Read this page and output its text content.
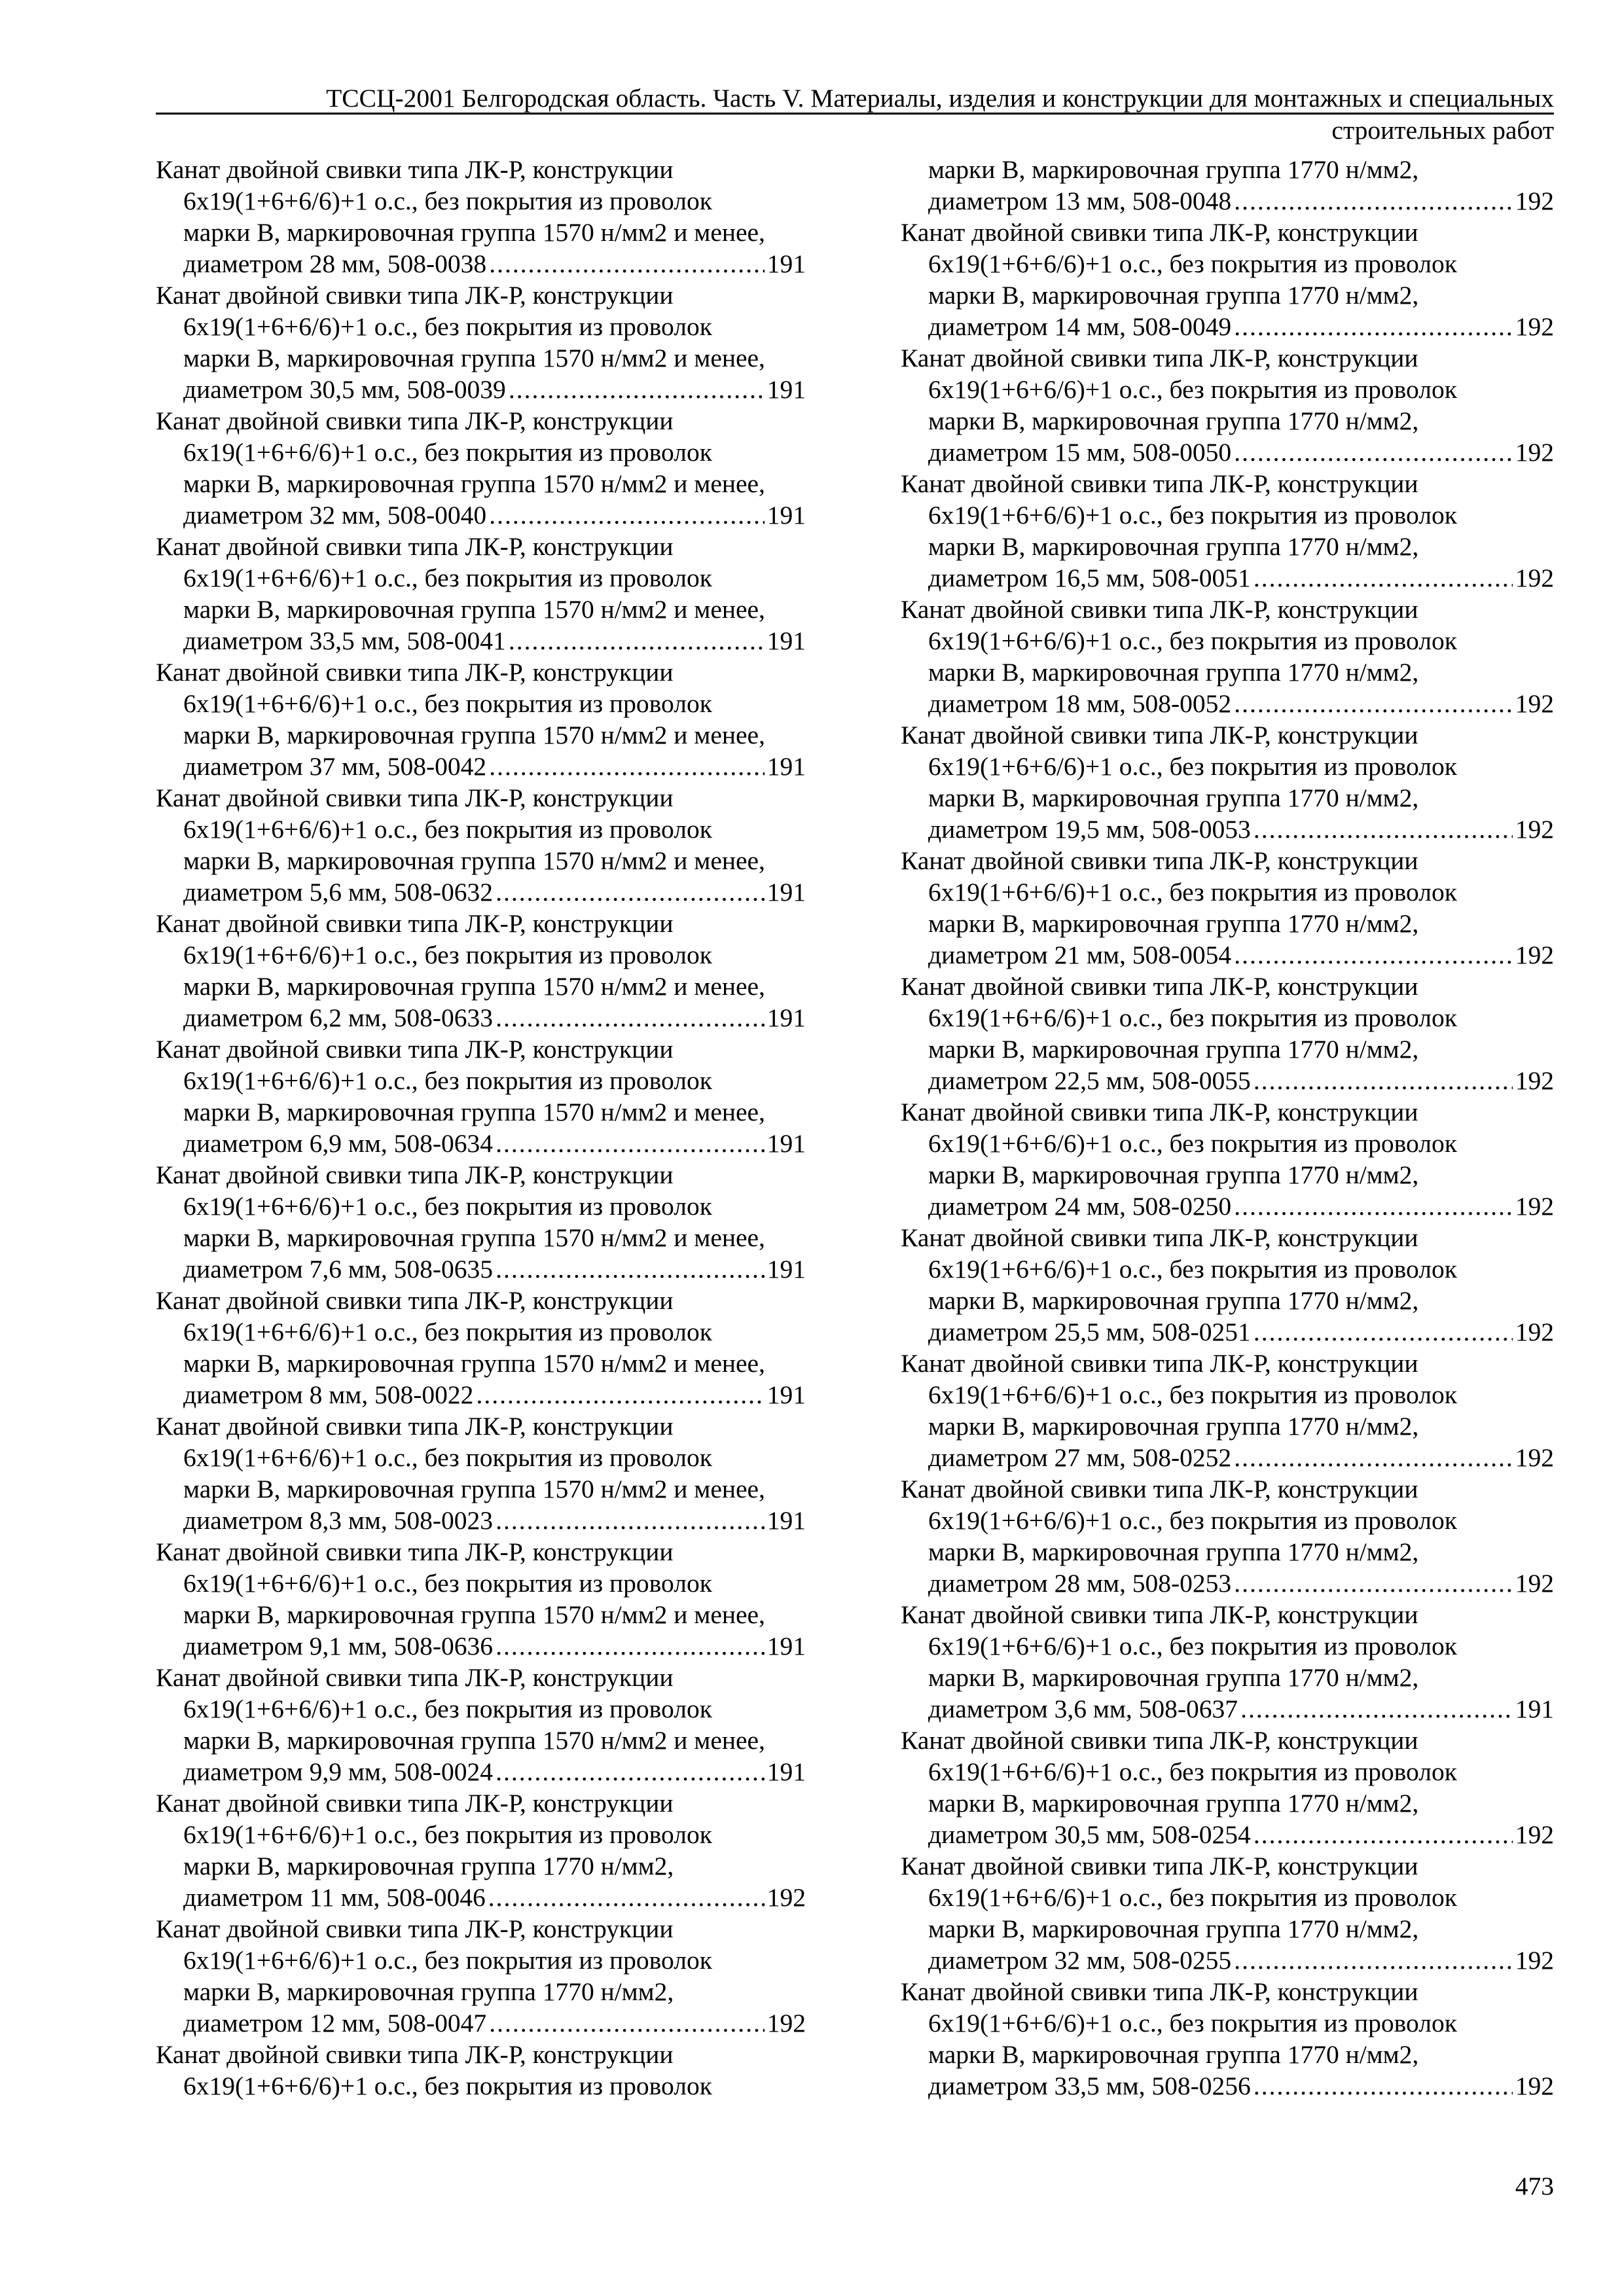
ТССЦ-2001 Белгородская область. Часть V. Материалы, изделия и конструкции для монтажных и специальных
строительных работ
Канат двойной свивки типа ЛК-Р, конструкции
6х19(1+6+6/6)+1 о.с., без покрытия из проволок
марки В, маркировочная группа 1570 н/мм2 и менее,
диаметром 28 мм, 508-0038 .....	191
Канат двойной свивки типа ЛК-Р, конструкции
6х19(1+6+6/6)+1 о.с., без покрытия из проволок
марки В, маркировочная группа 1570 н/мм2 и менее,
диаметром 30,5 мм, 508-0039 .....	191
Канат двойной свивки типа ЛК-Р, конструкции
6х19(1+6+6/6)+1 о.с., без покрытия из проволок
марки В, маркировочная группа 1570 н/мм2 и менее,
диаметром 32 мм, 508-0040 .....	191
Канат двойной свивки типа ЛК-Р, конструкции
6х19(1+6+6/6)+1 о.с., без покрытия из проволок
марки В, маркировочная группа 1570 н/мм2 и менее,
диаметром 33,5 мм, 508-0041 .....	191
Канат двойной свивки типа ЛК-Р, конструкции
6х19(1+6+6/6)+1 о.с., без покрытия из проволок
марки В, маркировочная группа 1570 н/мм2 и менее,
диаметром 37 мм, 508-0042 .....	191
Канат двойной свивки типа ЛК-Р, конструкции
6х19(1+6+6/6)+1 о.с., без покрытия из проволок
марки В, маркировочная группа 1570 н/мм2 и менее,
диаметром 5,6 мм, 508-0632 .....	191
Канат двойной свивки типа ЛК-Р, конструкции
6х19(1+6+6/6)+1 о.с., без покрытия из проволок
марки В, маркировочная группа 1570 н/мм2 и менее,
диаметром 6,2 мм, 508-0633 .....	191
Канат двойной свивки типа ЛК-Р, конструкции
6х19(1+6+6/6)+1 о.с., без покрытия из проволок
марки В, маркировочная группа 1570 н/мм2 и менее,
диаметром 6,9 мм, 508-0634 .....	191
Канат двойной свивки типа ЛК-Р, конструкции
6х19(1+6+6/6)+1 о.с., без покрытия из проволок
марки В, маркировочная группа 1570 н/мм2 и менее,
диаметром 7,6 мм, 508-0635 .....	191
Канат двойной свивки типа ЛК-Р, конструкции
6х19(1+6+6/6)+1 о.с., без покрытия из проволок
марки В, маркировочная группа 1570 н/мм2 и менее,
диаметром 8 мм, 508-0022 .....	191
Канат двойной свивки типа ЛК-Р, конструкции
6х19(1+6+6/6)+1 о.с., без покрытия из проволок
марки В, маркировочная группа 1570 н/мм2 и менее,
диаметром 8,3 мм, 508-0023 .....	191
Канат двойной свивки типа ЛК-Р, конструкции
6х19(1+6+6/6)+1 о.с., без покрытия из проволок
марки В, маркировочная группа 1570 н/мм2 и менее,
диаметром 9,1 мм, 508-0636 .....	191
Канат двойной свивки типа ЛК-Р, конструкции
6х19(1+6+6/6)+1 о.с., без покрытия из проволок
марки В, маркировочная группа 1570 н/мм2 и менее,
диаметром 9,9 мм, 508-0024 .....	191
Канат двойной свивки типа ЛК-Р, конструкции
6х19(1+6+6/6)+1 о.с., без покрытия из проволок
марки В, маркировочная группа 1770 н/мм2,
диаметром 11 мм, 508-0046 .....	192
Канат двойной свивки типа ЛК-Р, конструкции
6х19(1+6+6/6)+1 о.с., без покрытия из проволок
марки В, маркировочная группа 1770 н/мм2,
диаметром 12 мм, 508-0047 .....	192
Канат двойной свивки типа ЛК-Р, конструкции
6х19(1+6+6/6)+1 о.с., без покрытия из проволок
марки В, маркировочная группа 1770 н/мм2,
диаметром 13 мм, 508-0048 .....	192
Канат двойной свивки типа ЛК-Р, конструкции
6х19(1+6+6/6)+1 о.с., без покрытия из проволок
марки В, маркировочная группа 1770 н/мм2,
диаметром 14 мм, 508-0049 .....	192
Канат двойной свивки типа ЛК-Р, конструкции
6х19(1+6+6/6)+1 о.с., без покрытия из проволок
марки В, маркировочная группа 1770 н/мм2,
диаметром 15 мм, 508-0050 .....	192
Канат двойной свивки типа ЛК-Р, конструкции
6х19(1+6+6/6)+1 о.с., без покрытия из проволок
марки В, маркировочная группа 1770 н/мм2,
диаметром 16,5 мм, 508-0051 .....	192
Канат двойной свивки типа ЛК-Р, конструкции
6х19(1+6+6/6)+1 о.с., без покрытия из проволок
марки В, маркировочная группа 1770 н/мм2,
диаметром 18 мм, 508-0052 .....	192
Канат двойной свивки типа ЛК-Р, конструкции
6х19(1+6+6/6)+1 о.с., без покрытия из проволок
марки В, маркировочная группа 1770 н/мм2,
диаметром 19,5 мм, 508-0053 .....	192
Канат двойной свивки типа ЛК-Р, конструкции
6х19(1+6+6/6)+1 о.с., без покрытия из проволок
марки В, маркировочная группа 1770 н/мм2,
диаметром 21 мм, 508-0054 .....	192
Канат двойной свивки типа ЛК-Р, конструкции
6х19(1+6+6/6)+1 о.с., без покрытия из проволок
марки В, маркировочная группа 1770 н/мм2,
диаметром 22,5 мм, 508-0055 .....	192
Канат двойной свивки типа ЛК-Р, конструкции
6х19(1+6+6/6)+1 о.с., без покрытия из проволок
марки В, маркировочная группа 1770 н/мм2,
диаметром 24 мм, 508-0250 .....	192
Канат двойной свивки типа ЛК-Р, конструкции
6х19(1+6+6/6)+1 о.с., без покрытия из проволок
марки В, маркировочная группа 1770 н/мм2,
диаметром 25,5 мм, 508-0251 .....	192
Канат двойной свивки типа ЛК-Р, конструкции
6х19(1+6+6/6)+1 о.с., без покрытия из проволок
марки В, маркировочная группа 1770 н/мм2,
диаметром 27 мм, 508-0252 .....	192
Канат двойной свивки типа ЛК-Р, конструкции
6х19(1+6+6/6)+1 о.с., без покрытия из проволок
марки В, маркировочная группа 1770 н/мм2,
диаметром 28 мм, 508-0253 .....	192
Канат двойной свивки типа ЛК-Р, конструкции
6х19(1+6+6/6)+1 о.с., без покрытия из проволок
марки В, маркировочная группа 1770 н/мм2,
диаметром 3,6 мм, 508-0637 .....	191
Канат двойной свивки типа ЛК-Р, конструкции
6х19(1+6+6/6)+1 о.с., без покрытия из проволок
марки В, маркировочная группа 1770 н/мм2,
диаметром 30,5 мм, 508-0254 .....	192
Канат двойной свивки типа ЛК-Р, конструкции
6х19(1+6+6/6)+1 о.с., без покрытия из проволок
марки В, маркировочная группа 1770 н/мм2,
диаметром 32 мм, 508-0255 .....	192
Канат двойной свивки типа ЛК-Р, конструкции
6х19(1+6+6/6)+1 о.с., без покрытия из проволок
марки В, маркировочная группа 1770 н/мм2,
диаметром 33,5 мм, 508-0256 .....	192
473
